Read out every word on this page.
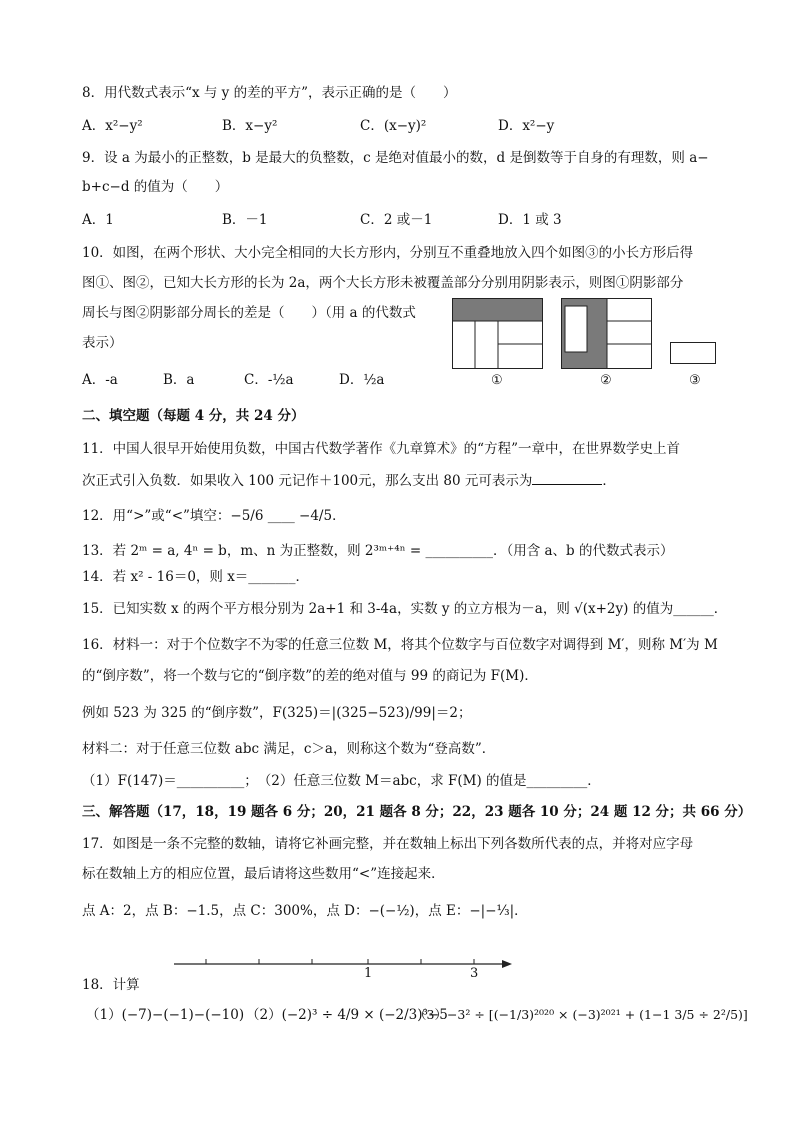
8．用代数式表示“x 与 y 的差的平方”，表示正确的是（　　）
A．x²−y²	B．x−y²	C．(x−y)²	D．x²−y
9．设 a 为最小的正整数，b 是最大的负整数，c 是绝对值最小的数，d 是倒数等于自身的有理数，则 a−
b+c−d 的值为（　　）
A．1	B．－1	C．2 或－1	D．1 或 3
10．如图，在两个形状、大小完全相同的大长方形内，分别互不重叠地放入四个如图③的小长方形后得
图①、图②，已知大长方形的长为 2a，两个大长方形未被覆盖部分分别用阴影表示，则图①阴影部分
周长与图②阴影部分周长的差是（　　）（用 a 的代数式
表示）
A．-a	B．a	C．-½a	D．½a	①	②	③
二、填空题（每题 4 分，共 24 分）
11．中国人很早开始使用负数，中国古代数学著作《九章算术》的“方程”一章中，在世界数学史上首
次正式引入负数．如果收入 100 元记作＋100元，那么支出 80 元可表示为	．
12．用“>”或“<”填空：−5/6 ____ −4/5．
13．若 2ᵐ = a, 4ⁿ = b，m、n 为正整数，则 2³ᵐ⁺⁴ⁿ = __________．（用含 a、b 的代数式表示）
14．若 x² - 16＝0，则 x＝_______．
15．已知实数 x 的两个平方根分别为 2a+1 和 3-4a，实数 y 的立方根为－a，则 √(x+2y) 的值为______．
16．材料一：对于个位数字不为零的任意三位数 M，将其个位数字与百位数字对调得到 M′，则称 M′为 M
的“倒序数”，将一个数与它的“倒序数”的差的绝对值与 99 的商记为 F(M)．
例如 523 为 325 的“倒序数”，F(325)＝|(325−523)/99|＝2；
材料二：对于任意三位数 abc 满足，c＞a，则称这个数为“登高数”．
（1）F(147)＝__________；　（2）任意三位数 M＝abc，求 F(M) 的值是_________．
三、解答题（17，18，19 题各 6 分；20，21 题各 8 分；22，23 题各 10 分；24 题 12 分；共 66 分）
17．如图是一条不完整的数轴，请将它补画完整，并在数轴上标出下列各数所代表的点，并将对应字母
标在数轴上方的相应位置，最后请将这些数用“<”连接起来．
点 A：2，点 B：−1.5，点 C：300%，点 D：−(−½)，点 E：−|−⅓|．
1	3
18．计算
（1）(−7)−(−1)−(−10) （2）(−2)³ ÷ 4/9 × (−2/3)³−5
（3）−3² ÷ [(−1/3)²⁰²⁰ × (−3)²⁰²¹ + (1−1 3/5 ÷ 2²/5)]
